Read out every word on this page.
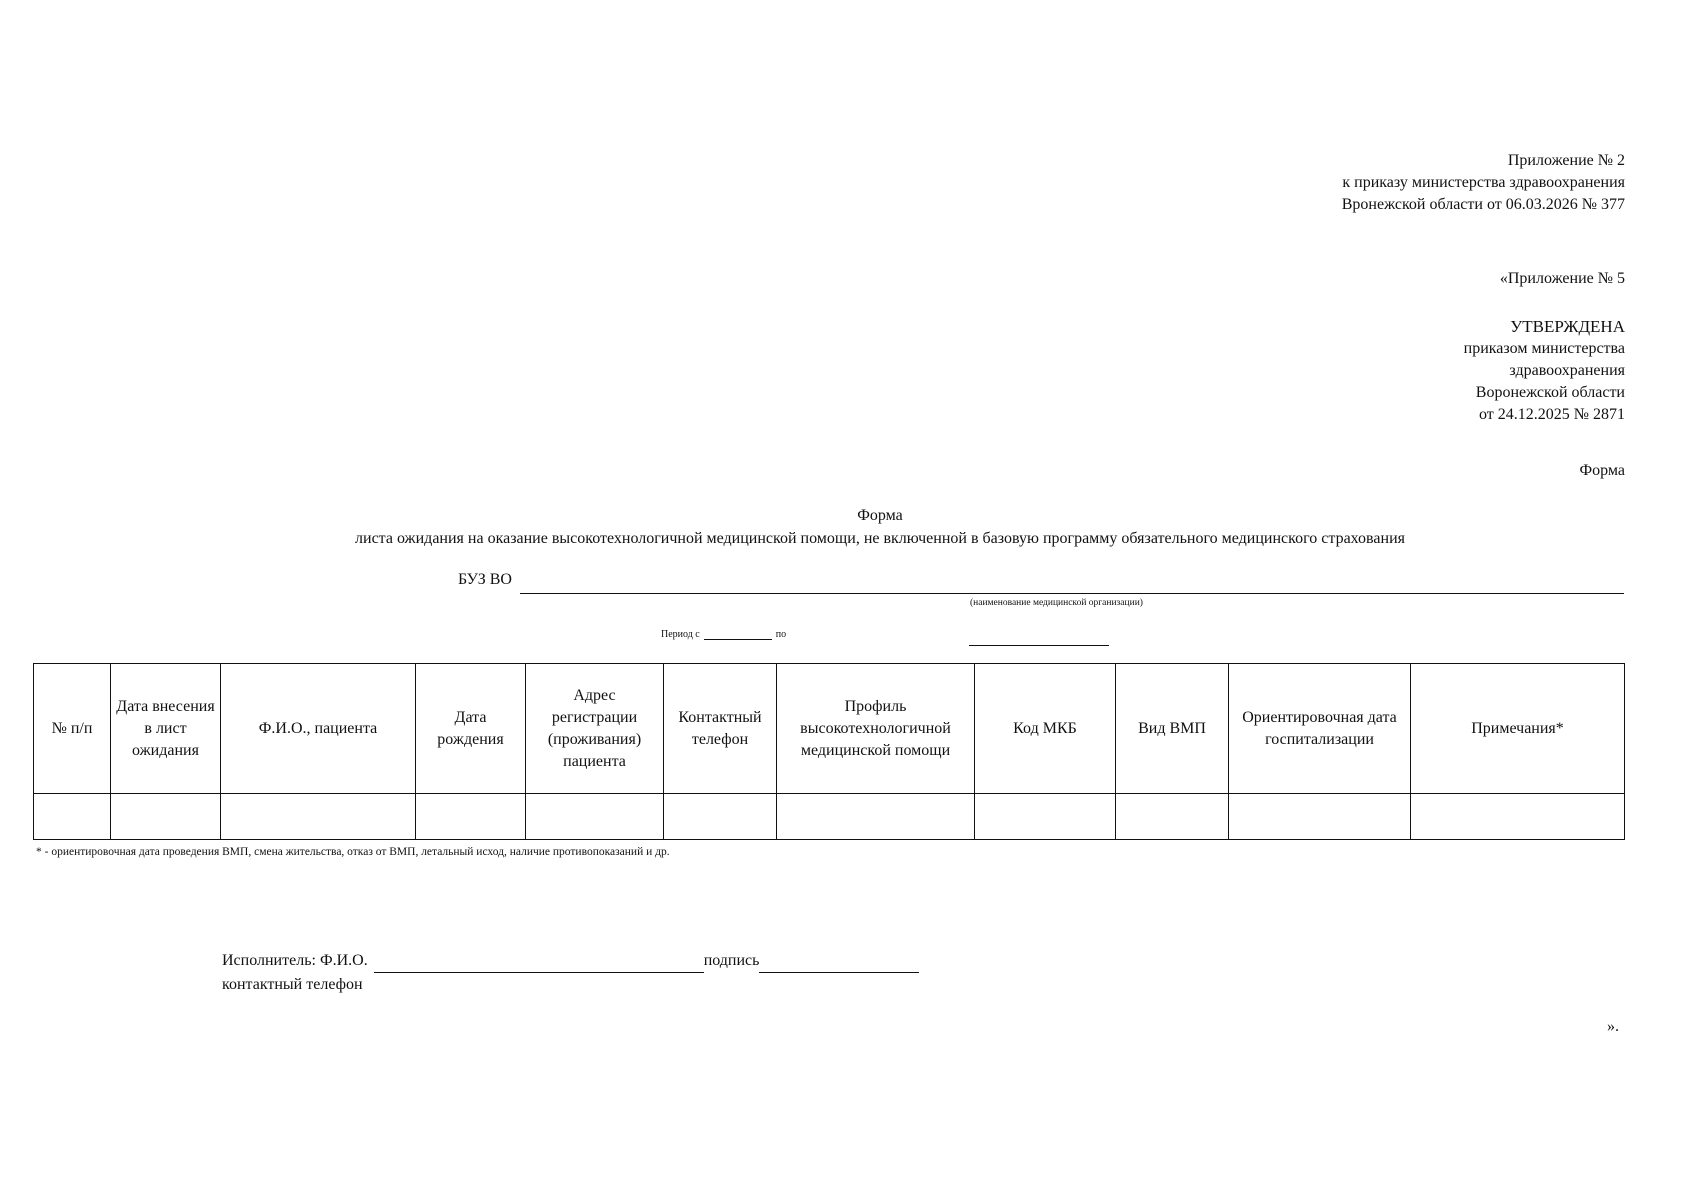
Приложение № 2
к приказу министерства здравоохранения
Вронежской области от 06.03.2026 № 377
«Приложение № 5
УТВЕРЖДЕНА
приказом министерства
здравоохранения
Воронежской области
от 24.12.2025 № 2871
Форма
Форма
листа ожидания на оказание высокотехнологичной медицинской помощи, не включенной в базовую программу обязательного медицинского страхования
БУЗ ВО
(наименование медицинской организации)
Период с	по
№ п/п	Дата внесения в лист ожидания	Ф.И.О., пациента	Дата рождения	Адрес регистрации (проживания) пациента	Контактный телефон	Профиль высокотехнологичной медицинской помощи	Код МКБ	Вид ВМП	Ориентировочная дата госпитализации	Примечания*

* - ориентировочная дата проведения ВМП, смена жительства, отказ от ВМП, летальный исход, наличие противопоказаний и др.
Исполнитель: Ф.И.О.	подпись
контактный телефон
».
